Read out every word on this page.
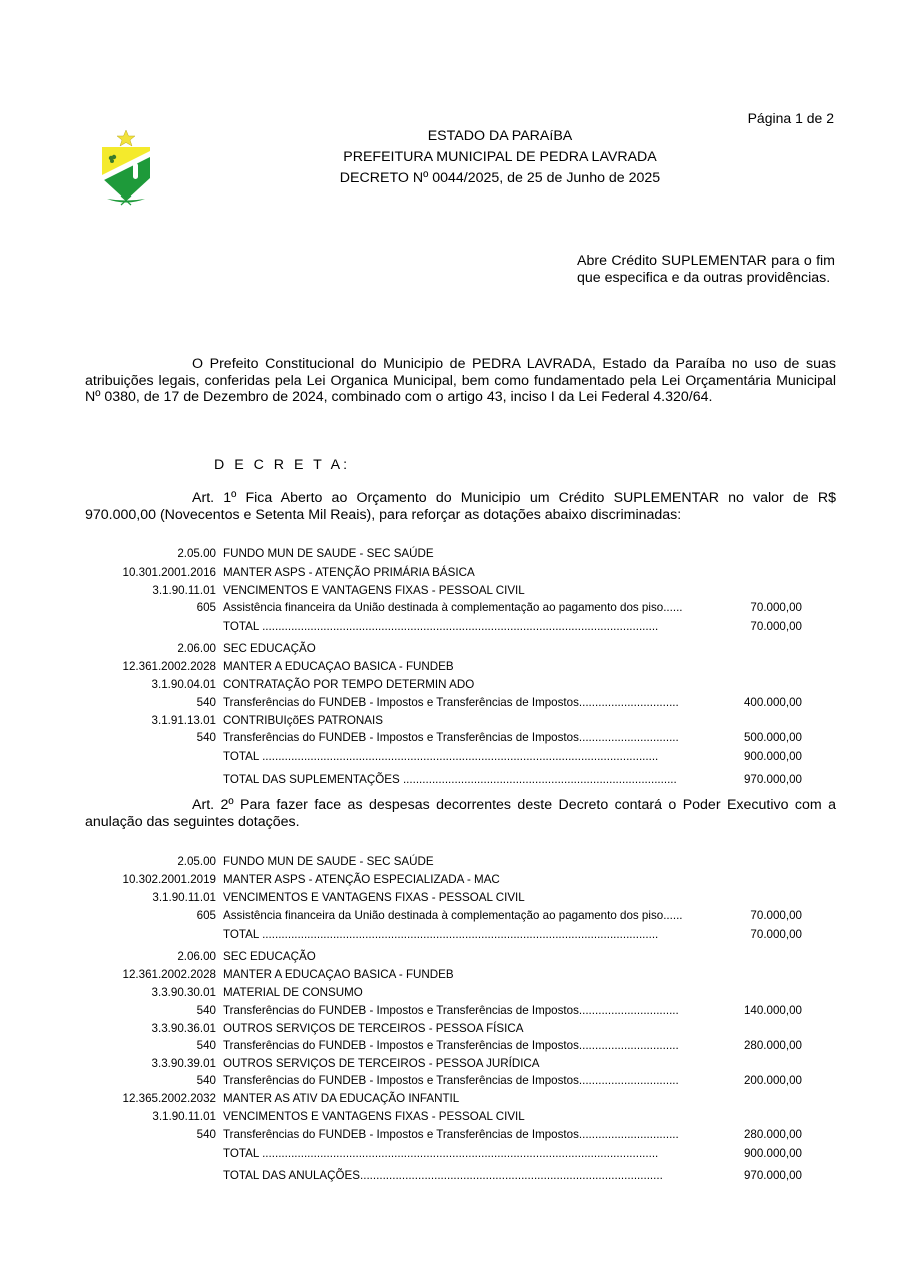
Página 1 de 2
ESTADO DA PARAíBA
PREFEITURA MUNICIPAL DE PEDRA LAVRADA
DECRETO Nº 0044/2025, de 25 de Junho de 2025
Abre Crédito SUPLEMENTAR para o fim que especifica e da outras providências.
O Prefeito Constitucional do Municipio de PEDRA LAVRADA, Estado da Paraíba no uso de suas atribuições legais, conferidas pela Lei Organica Municipal, bem como fundamentado pela Lei Orçamentária Municipal Nº 0380, de 17 de Dezembro de 2024, combinado com o artigo 43, inciso I da Lei Federal 4.320/64.
D E C R E T A:
Art. 1º Fica Aberto ao Orçamento do Municipio um Crédito SUPLEMENTAR no valor de R$ 970.000,00 (Novecentos e Setenta Mil Reais), para reforçar as dotações abaixo discriminadas:
2.05.00 FUNDO MUN DE SAUDE - SEC SAÚDE
10.301.2001.2016 MANTER ASPS - ATENÇÃO PRIMÁRIA BÁSICA
3.1.90.11.01 VENCIMENTOS E VANTAGENS FIXAS - PESSOAL CIVIL
605 Assistência financeira da União destinada à complementação ao pagamento dos piso......	70.000,00
TOTAL ...........................................................................................................................	70.000,00
2.06.00 SEC EDUCAÇÃO
12.361.2002.2028 MANTER A EDUCAÇAO BASICA - FUNDEB
3.1.90.04.01 CONTRATAÇÃO POR TEMPO DETERMIN ADO
540 Transferências do FUNDEB - Impostos e Transferências de Impostos...............................	400.000,00
3.1.91.13.01 CONTRIBUIçõES PATRONAIS
540 Transferências do FUNDEB - Impostos e Transferências de Impostos...............................	500.000,00
TOTAL ...........................................................................................................................	900.000,00
TOTAL DAS SUPLEMENTAÇÕES .....................................................................................	970.000,00
Art. 2º Para fazer face as despesas decorrentes deste Decreto contará o Poder Executivo com a anulação das seguintes dotações.
2.05.00 FUNDO MUN DE SAUDE - SEC SAÚDE
10.302.2001.2019 MANTER ASPS - ATENÇÃO ESPECIALIZADA - MAC
3.1.90.11.01 VENCIMENTOS E VANTAGENS FIXAS - PESSOAL CIVIL
605 Assistência financeira da União destinada à complementação ao pagamento dos piso......	70.000,00
TOTAL ...........................................................................................................................	70.000,00
2.06.00 SEC EDUCAÇÃO
12.361.2002.2028 MANTER A EDUCAÇAO BASICA - FUNDEB
3.3.90.30.01 MATERIAL DE CONSUMO
540 Transferências do FUNDEB - Impostos e Transferências de Impostos...............................	140.000,00
3.3.90.36.01 OUTROS SERVIÇOS DE TERCEIROS - PESSOA FÍSICA
540 Transferências do FUNDEB - Impostos e Transferências de Impostos...............................	280.000,00
3.3.90.39.01 OUTROS SERVIÇOS DE TERCEIROS - PESSOA JURÍDICA
540 Transferências do FUNDEB - Impostos e Transferências de Impostos...............................	200.000,00
12.365.2002.2032 MANTER AS ATIV DA EDUCAÇÃO INFANTIL
3.1.90.11.01 VENCIMENTOS E VANTAGENS FIXAS - PESSOAL CIVIL
540 Transferências do FUNDEB - Impostos e Transferências de Impostos...............................	280.000,00
TOTAL ...........................................................................................................................	900.000,00
TOTAL DAS ANULAÇÕES..............................................................................................	970.000,00
